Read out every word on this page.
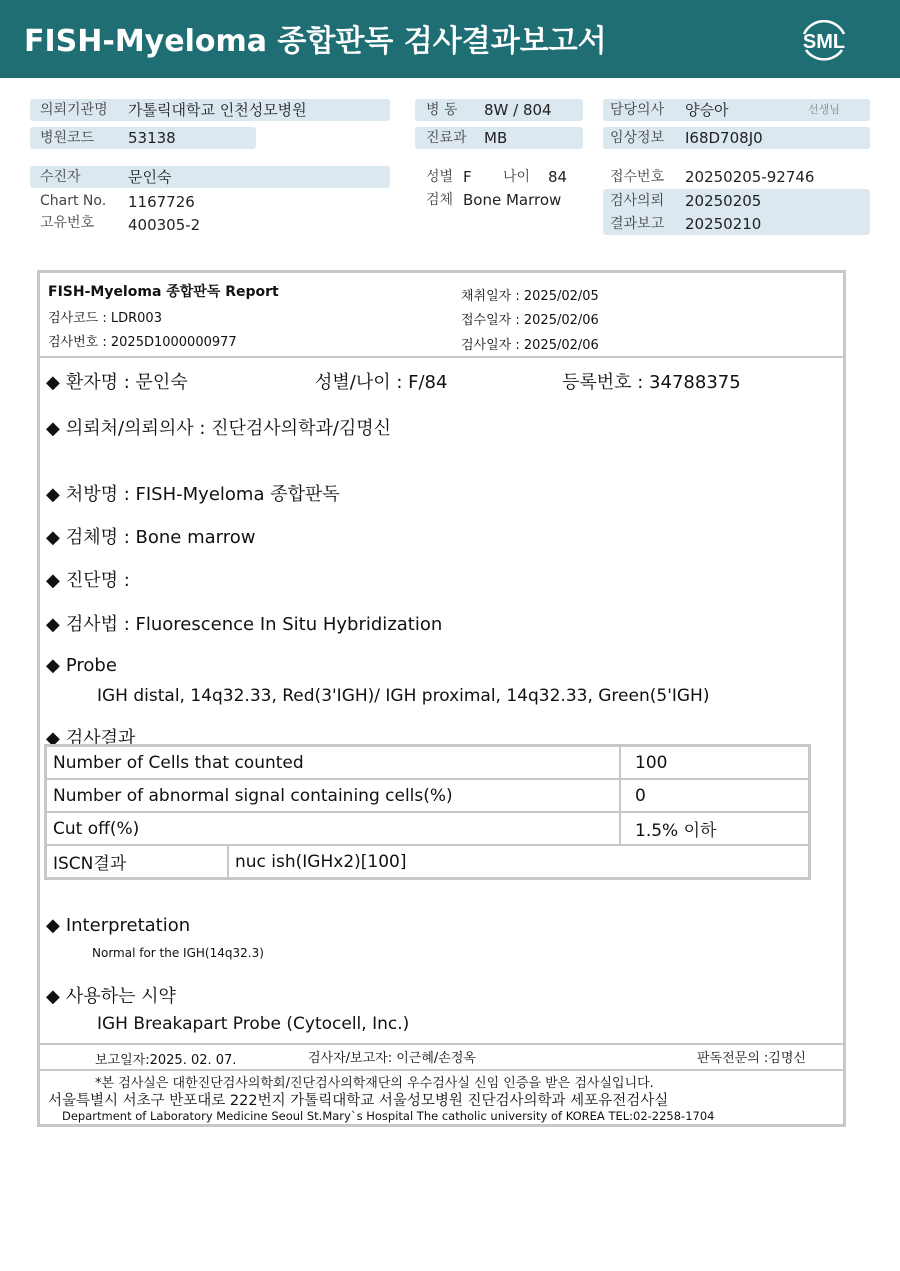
FISH-Myeloma 종합판독 검사결과보고서	SML
의뢰기관명 가톨릭대학교 인천성모병원
병원코드 53138
병 동 8W / 804
진료과 MB
담당의사 양승아	선생님
임상정보 I68D708J0
수진자	문인숙
Chart No. 1167726
고유번호 400305-2
성별 F 나이 84
검체 Bone Marrow
접수번호 20250205-92746
검사의뢰 20250205
결과보고 20250210
FISH-Myeloma 종합판독 Report
검사코드 : LDR003
검사번호 : 2025D1000000977
채취일자 : 2025/02/05
접수일자 : 2025/02/06
검사일자 : 2025/02/06
◆ 환자명 : 문인숙	성별/나이 : F/84	등록번호 : 34788375
◆ 의뢰처/의뢰의사 : 진단검사의학과/김명신
◆ 처방명 : FISH-Myeloma 종합판독
◆ 검체명 : Bone marrow
◆ 진단명 :
◆ 검사법 : Fluorescence In Situ Hybridization
◆ Probe
IGH distal, 14q32.33, Red(3'IGH)/ IGH proximal, 14q32.33, Green(5'IGH)
◆ 검사결과
Number of Cells that counted		100
Number of abnormal signal containing cells(%)		0
Cut off(%)		1.5% 이하
ISCN결과	nuc ish(IGHx2)[100]	
◆ Interpretation
Normal for the IGH(14q32.3)
◆ 사용하는 시약
IGH Breakapart Probe (Cytocell, Inc.)
보고일자:2025. 02. 07.	검사자/보고자: 이근혜/손정옥	판독전문의 :김명신
*본 검사실은 대한진단검사의학회/진단검사의학재단의 우수검사실 신임 인증을 받은 검사실입니다.
서울특별시 서초구 반포대로 222번지 가톨릭대학교 서울성모병원 진단검사의학과 세포유전검사실
Department of Laboratory Medicine Seoul St.Mary`s Hospital The catholic university of KOREA TEL:02-2258-1704
